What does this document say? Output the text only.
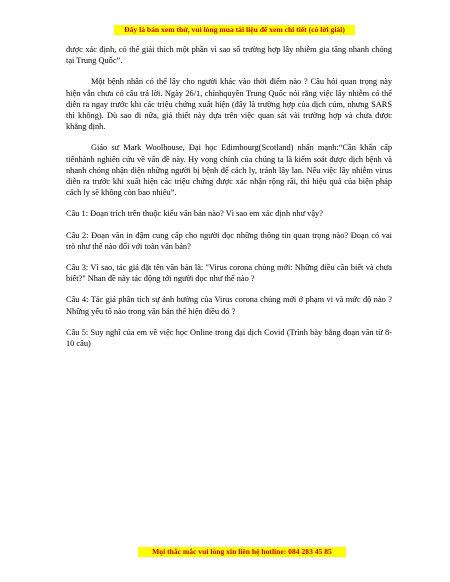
Đây là bản xem thử, vui lòng mua tài liệu để xem chi tiết (có lời giải)

được xác định, có thể giải thích một phần vì sao số trường hợp lây nhiễm gia tăng nhanh chóng tại Trung Quốc”.

Một bệnh nhân có thể lây cho người khác vào thời điểm nào ? Câu hỏi quan trọng này hiện vẫn chưa có câu trả lời. Ngày 26/1, chínhquyền Trung Quốc nói rằng việc lây nhiễm có thể diễn ra ngay trước khi các triệu chứng xuất hiện (đây là trường hợp của dịch cúm, nhưng SARS thì không). Dù sao đi nữa, giả thiết này dựa trên việc quan sát vài trường hợp và chưa được khẳng định.

Giáo sư Mark Woolhouse, Đại học Edimbourg(Scotland) nhấn mạnh:“Cần khẩn cấp tiếnhành nghiên cứu về vấn đề này. Hy vọng chính của chúng ta là kiểm soát được dịch bệnh và nhanh chóng nhận diện những người bị bệnh để cách ly, tránh lây lan. Nếu việc lây nhiễm virus diễn ra trước khi xuất hiện các triệu chứng được xác nhận rộng rãi, thì hiệu quả của biện pháp cách ly sẽ không còn bao nhiêu”.

Câu 1: Đoạn trích trên thuộc kiểu văn bản nào? Vì sao em xác định như vậy?

Câu 2: Đoạn văn in đậm cung cấp cho người đọc những thông tin quan trọng nào? Đoạn có vai trò như thế nào đối với toàn văn bản?

Câu 3: Vì sao, tác giả đặt tên văn bản là: "Virus corona chủng mới: Những điều cần biết và chưa biết?" Nhan đề này tác động tới người đọc như thế nào ?

Câu 4: Tác giả phân tích sự ảnh hưởng của Virus corona chủng mới ở phạm vi và mức độ nào ? Những yếu tố nào trong văn bản thể hiện điều đó ?

Câu 5: Suy nghĩ của em về việc học Online trong đại dịch Covid (Trình bày bằng đoạn văn từ 8-10 câu)

Mọi thắc mắc vui lòng xin liên hệ hotline: 084 283 45 85
